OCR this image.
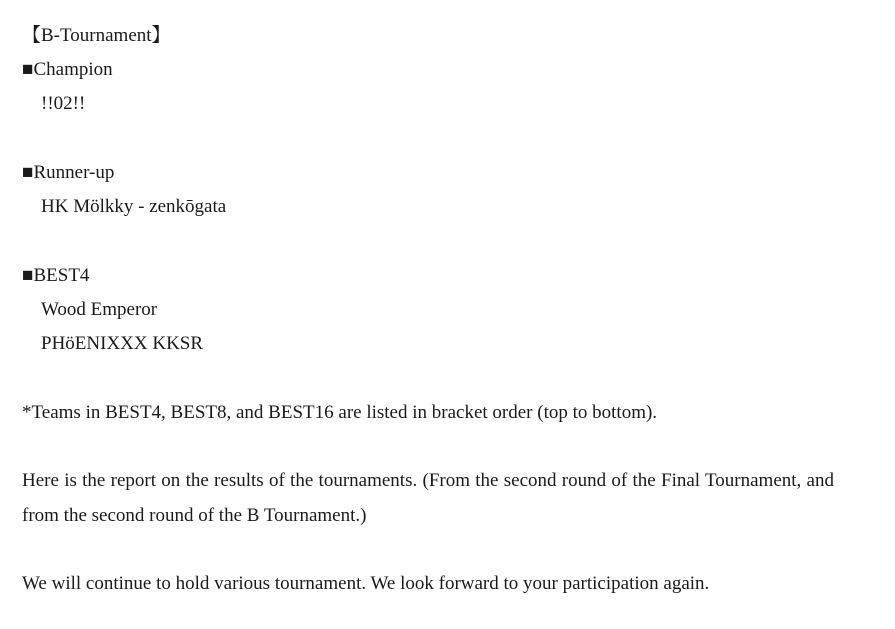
【B-Tournament】
■Champion
!!02!!
■Runner-up
HK Mölkky - zenkōgata
■BEST4
Wood Emperor
PHöENIXXX KKSR
*Teams in BEST4, BEST8, and BEST16 are listed in bracket order (top to bottom).
Here is the report on the results of the tournaments. (From the second round of the Final Tournament, and from the second round of the B Tournament.)
We will continue to hold various tournament. We look forward to your participation again.
